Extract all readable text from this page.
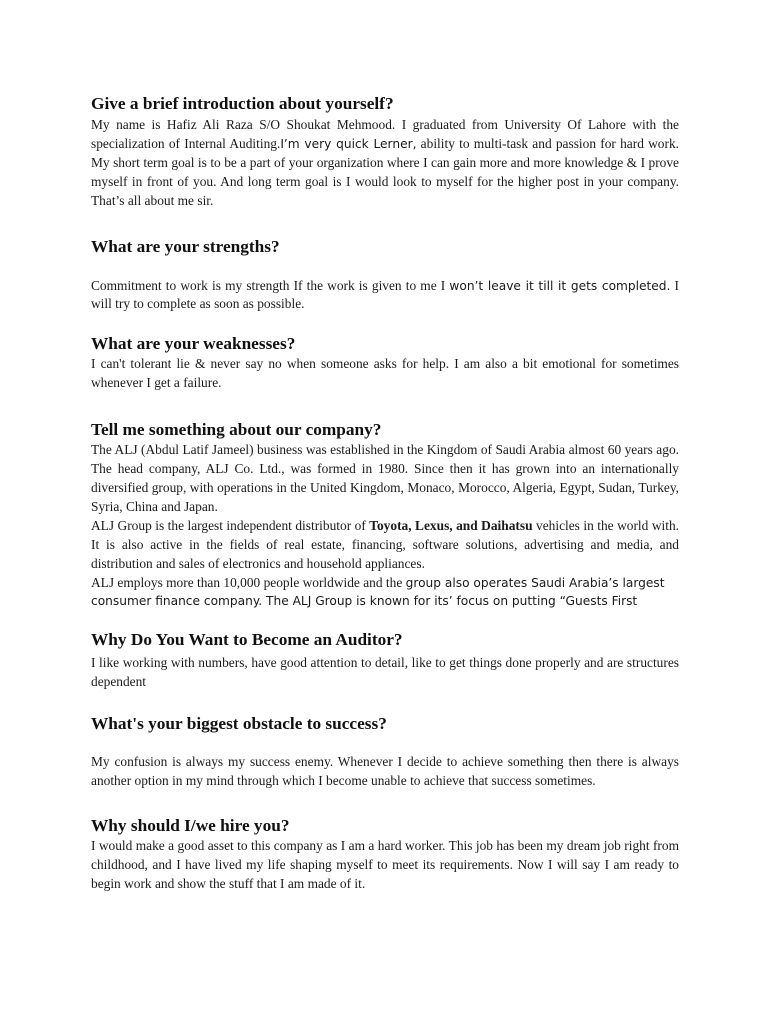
Give a brief introduction about yourself?

My name is Hafiz Ali Raza S/O Shoukat Mehmood. I graduated from University Of Lahore with the specialization of Internal Auditing.I’m very quick Lerner, ability to multi-task and passion for hard work. My short term goal is to be a part of your organization where I can gain more and more knowledge & I prove myself in front of you. And long term goal is I would look to myself for the higher post in your company. That’s all about me sir.

What are your strengths?

Commitment to work is my strength If the work is given to me I won’t leave it till it gets completed. I will try to complete as soon as possible.

What are your weaknesses?

I can't tolerant lie & never say no when someone asks for help. I am also a bit emotional for sometimes whenever I get a failure.

Tell me something about our company?

The ALJ (Abdul Latif Jameel) business was established in the Kingdom of Saudi Arabia almost 60 years ago. The head company, ALJ Co. Ltd., was formed in 1980. Since then it has grown into an internationally diversified group, with operations in the United Kingdom, Monaco, Morocco, Algeria, Egypt, Sudan, Turkey, Syria, China and Japan.

ALJ Group is the largest independent distributor of Toyota, Lexus, and Daihatsu vehicles in the world with. It is also active in the fields of real estate, financing, software solutions, advertising and media, and distribution and sales of electronics and household appliances.

ALJ employs more than 10,000 people worldwide and the group also operates Saudi Arabia’s largest consumer finance company. The ALJ Group is known for its’ focus on putting “Guests First

Why Do You Want to Become an Auditor?

I like working with numbers, have good attention to detail, like to get things done properly and are structures dependent

What's your biggest obstacle to success?

My confusion is always my success enemy. Whenever I decide to achieve something then there is always another option in my mind through which I become unable to achieve that success sometimes.

Why should I/we hire you?

I would make a good asset to this company as I am a hard worker. This job has been my dream job right from childhood, and I have lived my life shaping myself to meet its requirements. Now I will say I am ready to begin work and show the stuff that I am made of it.
